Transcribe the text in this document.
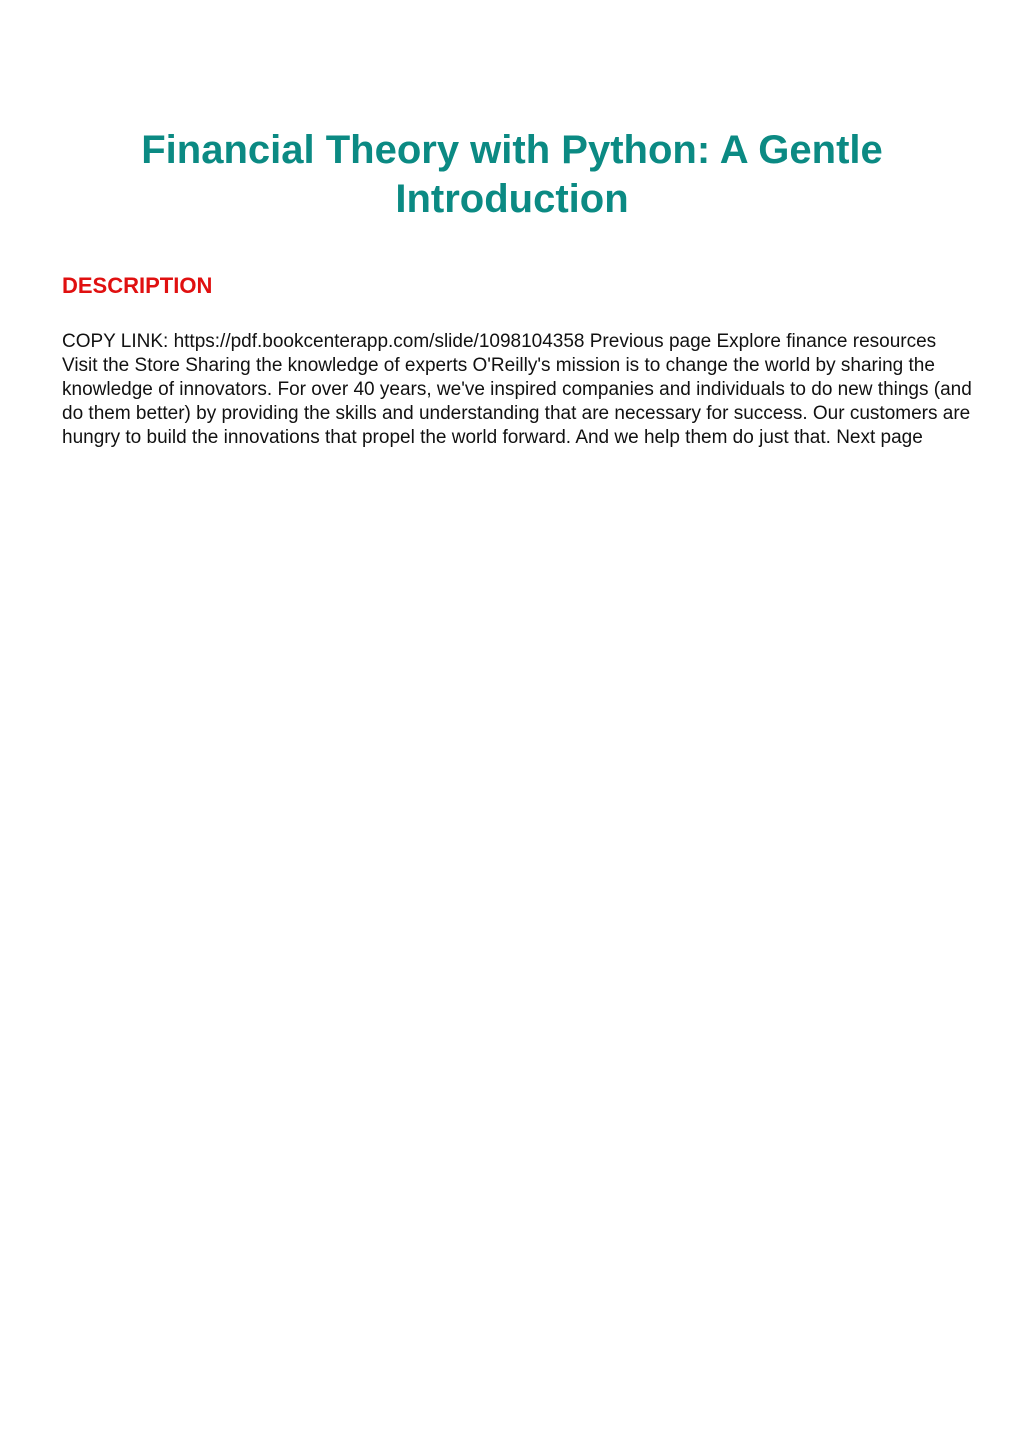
Financial Theory with Python: A Gentle Introduction
DESCRIPTION

COPY LINK: https://pdf.bookcenterapp.com/slide/1098104358 Previous page Explore finance resources Visit the Store Sharing the knowledge of experts O'Reilly's mission is to change the world by sharing the knowledge of innovators. For over 40 years, we've inspired companies and individuals to do new things (and do them better) by providing the skills and understanding that are necessary for success. Our customers are hungry to build the innovations that propel the world forward. And we help them do just that. Next page
